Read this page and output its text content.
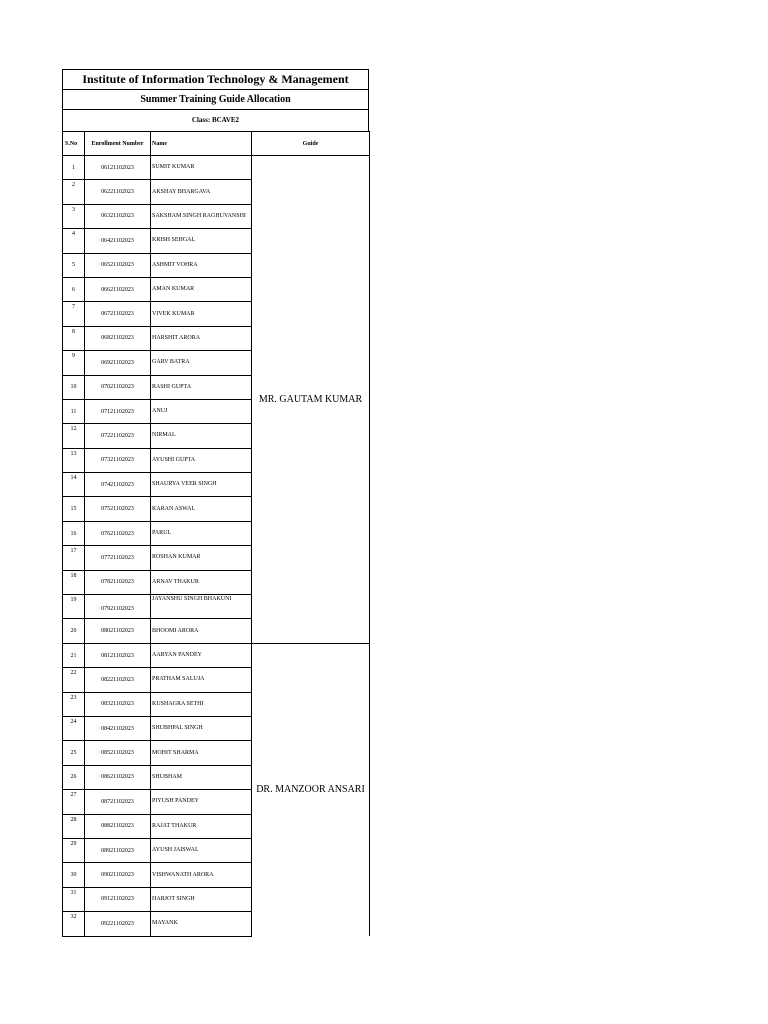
Institute of Information Technology & Management
Summer Training Guide Allocation
Class: BCAVE2
S.No	Enrollment Number	Name	Guide

1	06121102023	SUMIT KUMAR	MR. GAUTAM KUMAR

2	06221102023	AKSHAY BHARGAVA	

3	06321102023	SAKSHAM SINGH RAGHUVANSHI	

4	06421102023	KRISH SEHGAL	

5	06521102023	ASHMIT VOHRA	

6	06621102023	AMAN KUMAR	

7	06721102023	VIVEK KUMAR	

8	06821102023	HARSHIT ARORA	

9	06921102023	GARV BATRA	

10	07021102023	RASHI GUPTA	

11	07121102023	ANUJ	

12	07221102023	NIRMAL	

13	07321102023	AYUSHI GUPTA	

14	07421102023	SHAURYA VEER SINGH	

15	07521102023	KARAN ASWAL	

16	07621102023	PARUL	

17	07721102023	ROSHAN KUMAR	

18	07821102023	ARNAV THAKUR	

19	07921102023	JAYANSHU SINGH BHAKUNI	

20	08021102023	BHOOMI ARORA	

21	08121102023	AARYAN PANDEY	DR. MANZOOR ANSARI

22	08221102023	PRATHAM SALUJA	

23	08321102023	KUSHAGRA SETHI	

24	08421102023	SHUBHPAL SINGH	

25	08521102023	MOHIT SHARMA	

26	08621102023	SHUBHAM	

27	08721102023	PIYUSH PANDEY	

28	08821102023	RAJAT THAKUR	

29	08921102023	AYUSH JAISWAL	

30	09021102023	VISHWANATH ARORA	

31	09121102023	HARJOT SINGH	

32	09221102023	MAYANK	
